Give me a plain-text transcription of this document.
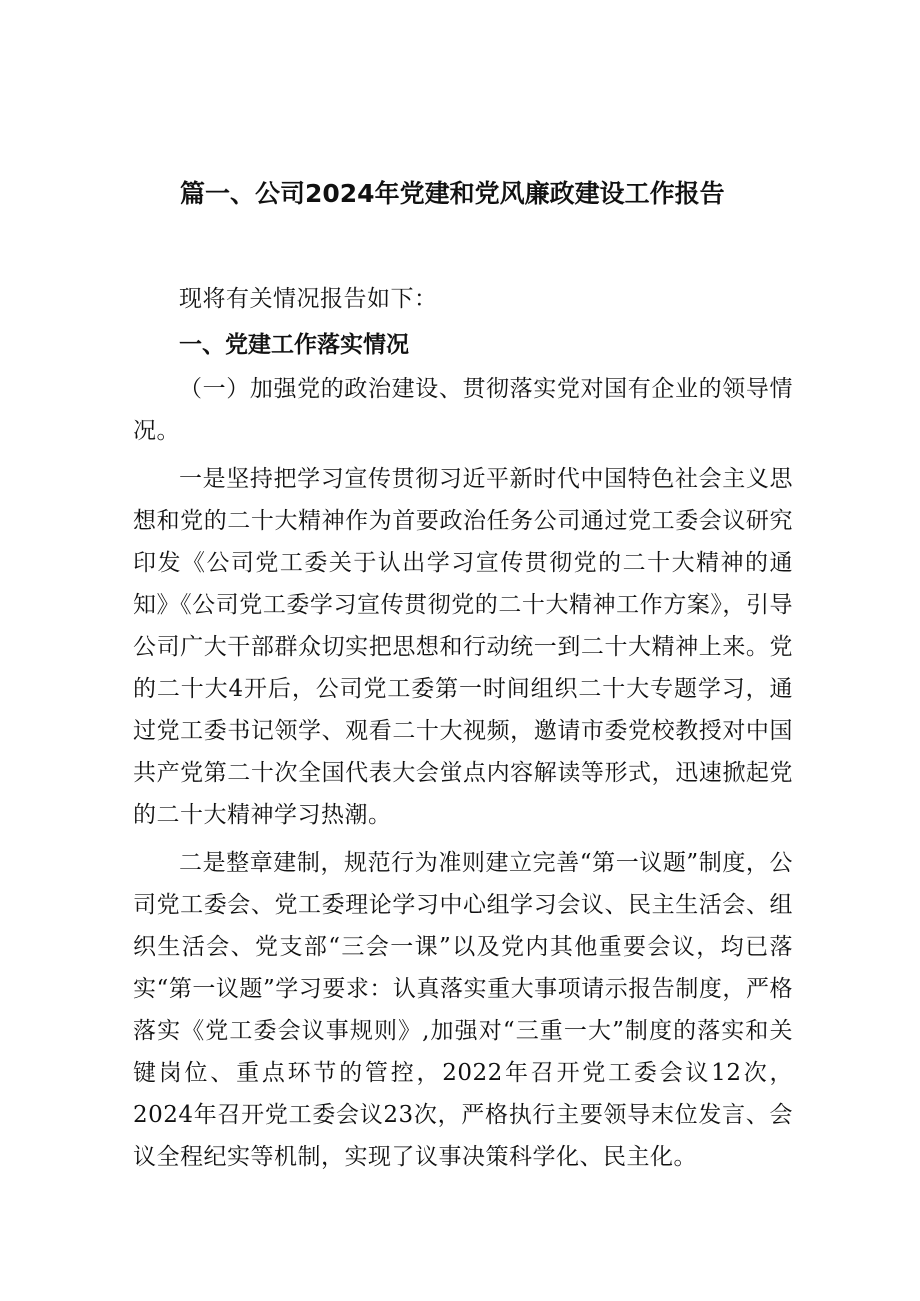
篇一、公司2024年党建和党风廉政建设工作报告

现将有关情况报告如下：

一、党建工作落实情况

（一）加强党的政治建设、贯彻落实党对国有企业的领导情况。

一是坚持把学习宣传贯彻习近平新时代中国特色社会主义思想和党的二十大精神作为首要政治任务公司通过党工委会议研究印发《公司党工委关于认出学习宣传贯彻党的二十大精神的通知》《公司党工委学习宣传贯彻党的二十大精神工作方案》，引导公司广大干部群众切实把思想和行动统一到二十大精神上来。党的二十大4开后，公司党工委第一时间组织二十大专题学习，通过党工委书记领学、观看二十大视频，邀请市委党校教授对中国共产党第二十次全国代表大会蛍点内容解读等形式，迅速掀起党的二十大精神学习热潮。

二是整章建制，规范行为准则建立完善“第一议题”制度，公司党工委会、党工委理论学习中心组学习会议、民主生活会、组织生活会、党支部“三会一课”以及党内其他重要会议，均已落实“第一议题”学习要求：认真落实重大事项请示报告制度，严格落实《党工委会议事规则》,加强对“三重一大”制度的落实和关键岗位、重点环节的管控，2022年召开党工委会议12次，2024年召开党工委会议23次，严格执行主要领导末位发言、会议全程纪实等机制，实现了议事决策科学化、民主化。
